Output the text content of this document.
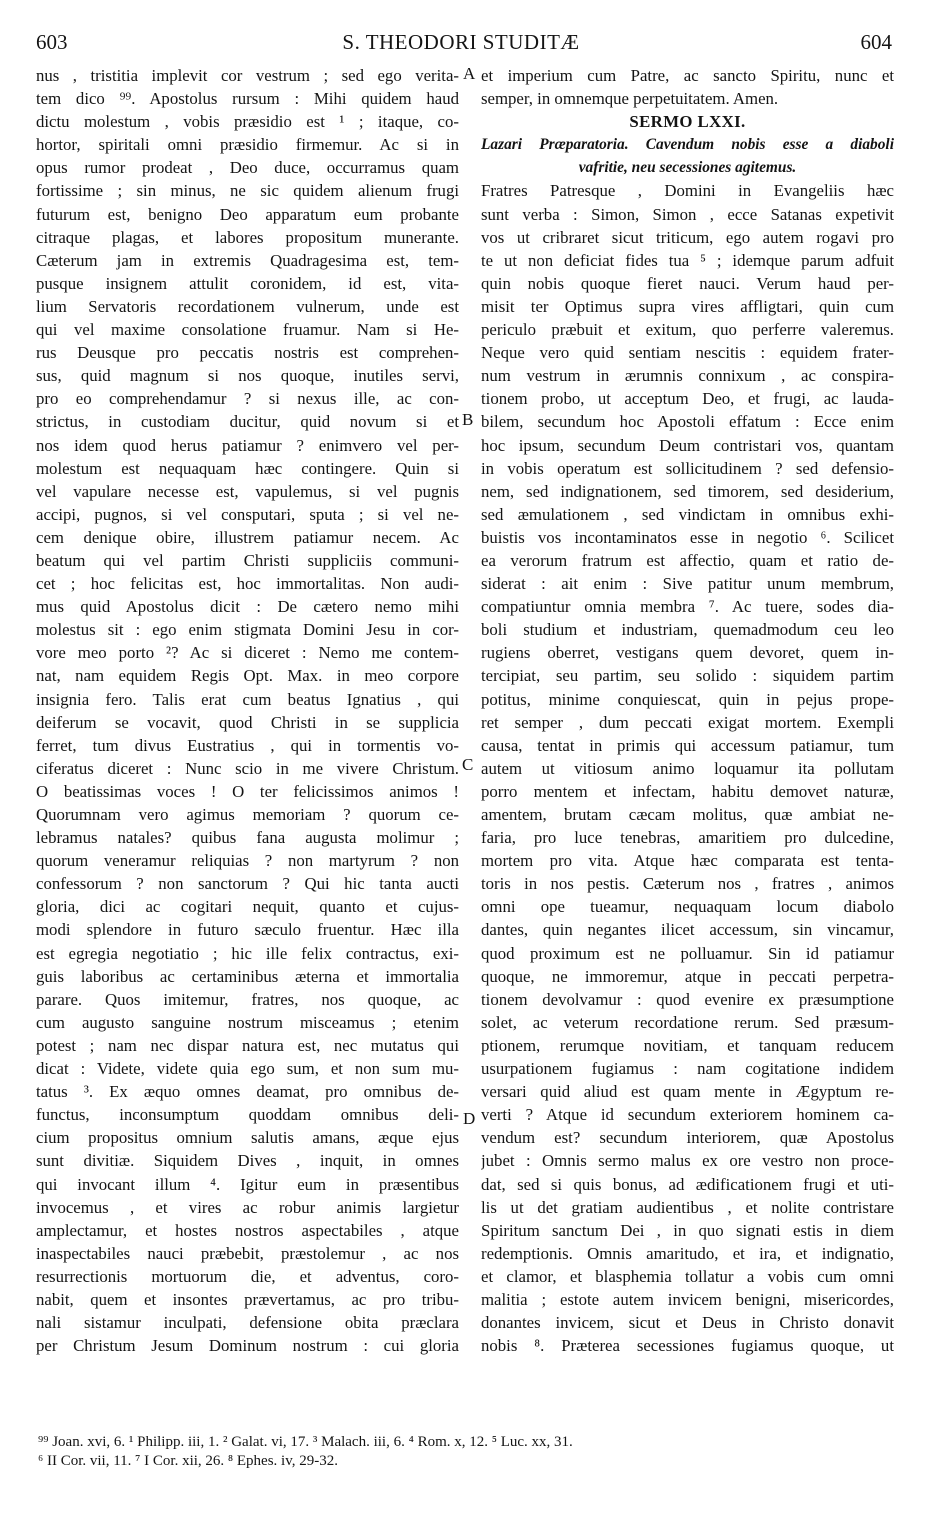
603	S. THEODORI STUDITÆ	604
A
B
C
D
nus , tristitia implevit cor vestrum ; sed ego verita-
tem dico ⁹⁹. Apostolus rursum : Mihi quidem haud
dictu molestum , vobis præsidio est ¹ ; itaque, co-
hortor, spiritali omni præsidio firmemur. Ac si in
opus rumor prodeat , Deo duce, occurramus quam
fortissime ; sin minus, ne sic quidem alienum frugi
futurum est, benigno Deo apparatum eum probante
citraque plagas, et labores propositum munerante.
Cæterum jam in extremis Quadragesima est, tem-
pusque insignem attulit coronidem, id est, vita-
lium Servatoris recordationem vulnerum, unde est
qui vel maxime consolatione fruamur. Nam si He-
rus Deusque pro peccatis nostris est comprehen-
sus, quid magnum si nos quoque, inutiles servi,
pro eo comprehendamur ? si nexus ille, ac con-
strictus, in custodiam ducitur, quid novum si et
nos idem quod herus patiamur ? enimvero vel per-
molestum est nequaquam hæc contingere. Quin si
vel vapulare necesse est, vapulemus, si vel pugnis
accipi, pugnos, si vel consputari, sputa ; si vel ne-
cem denique obire, illustrem patiamur necem. Ac
beatum qui vel partim Christi suppliciis communi-
cet ; hoc felicitas est, hoc immortalitas. Non audi-
mus quid Apostolus dicit : De cætero nemo mihi
molestus sit : ego enim stigmata Domini Jesu in cor-
vore meo porto ²? Ac si diceret : Nemo me contem-
nat, nam equidem Regis Opt. Max. in meo corpore
insignia fero. Talis erat cum beatus Ignatius , qui
deiferum se vocavit, quod Christi in se supplicia
ferret, tum divus Eustratius , qui in tormentis vo-
ciferatus diceret : Nunc scio in me vivere Christum.
O beatissimas voces ! O ter felicissimos animos !
Quorumnam vero agimus memoriam ? quorum ce-
lebramus natales? quibus fana augusta molimur ;
quorum veneramur reliquias ? non martyrum ? non
confessorum ? non sanctorum ? Qui hic tanta aucti
gloria, dici ac cogitari nequit, quanto et cujus-
modi splendore in futuro sæculo fruentur. Hæc illa
est egregia negotiatio ; hic ille felix contractus, exi-
guis laboribus ac certaminibus æterna et immortalia
parare. Quos imitemur, fratres, nos quoque, ac
cum augusto sanguine nostrum misceamus ; etenim
potest ; nam nec dispar natura est, nec mutatus qui
dicat : Videte, videte quia ego sum, et non sum mu-
tatus ³. Ex æquo omnes deamat, pro omnibus de-
functus, inconsumptum quoddam omnibus deli-
cium propositus omnium salutis amans, æque ejus
sunt divitiæ. Siquidem Dives , inquit, in omnes
qui invocant illum ⁴. Igitur eum in præsentibus
invocemus , et vires ac robur animis largietur
amplectamur, et hostes nostros aspectabiles , atque
inaspectabiles nauci præbebit, præstolemur , ac nos
resurrectionis mortuorum die, et adventus, coro-
nabit, quem et insontes prævertamus, ac pro tribu-
nali sistamur inculpati, defensione obita præclara
per Christum Jesum Dominum nostrum : cui gloria
et imperium cum Patre, ac sancto Spiritu, nunc et
semper, in omnemque perpetuitatem. Amen.
SERMO LXXI.
Lazari Præparatoria. Cavendum nobis esse a diaboli
vafritie, neu secessiones agitemus.
Fratres Patresque , Domini in Evangeliis hæc
sunt verba : Simon, Simon , ecce Satanas expetivit
vos ut cribraret sicut triticum, ego autem rogavi pro
te ut non deficiat fides tua ⁵ ; idemque parum adfuit
quin nobis quoque fieret nauci. Verum haud per-
misit ter Optimus supra vires affligtari, quin cum
periculo præbuit et exitum, quo perferre valeremus.
Neque vero quid sentiam nescitis : equidem frater-
num vestrum in ærumnis connixum , ac conspira-
tionem probo, ut acceptum Deo, et frugi, ac lauda-
bilem, secundum hoc Apostoli effatum : Ecce enim
hoc ipsum, secundum Deum contristari vos, quantam
in vobis operatum est sollicitudinem ? sed defensio-
nem, sed indignationem, sed timorem, sed desiderium,
sed æmulationem , sed vindictam in omnibus exhi-
buistis vos incontaminatos esse in negotio ⁶. Scilicet
ea verorum fratrum est affectio, quam et ratio de-
siderat : ait enim : Sive patitur unum membrum,
compatiuntur omnia membra ⁷. Ac tuere, sodes dia-
boli studium et industriam, quemadmodum ceu leo
rugiens oberret, vestigans quem devoret, quem in-
tercipiat, seu partim, seu solido : siquidem partim
potitus, minime conquiescat, quin in pejus prope-
ret semper , dum peccati exigat mortem. Exempli
causa, tentat in primis qui accessum patiamur, tum
autem ut vitiosum animo loquamur ita pollutam
porro mentem et infectam, habitu demovet naturæ,
amentem, brutam cæcam molitus, quæ ambiat ne-
faria, pro luce tenebras, amaritiem pro dulcedine,
mortem pro vita. Atque hæc comparata est tenta-
toris in nos pestis. Cæterum nos , fratres , animos
omni ope tueamur, nequaquam locum diabolo
dantes, quin negantes ilicet accessum, sin vincamur,
quod proximum est ne polluamur. Sin id patiamur
quoque, ne immoremur, atque in peccati perpetra-
tionem devolvamur : quod evenire ex præsumptione
solet, ac veterum recordatione rerum. Sed præsum-
ptionem, rerumque novitiam, et tanquam reducem
usurpationem fugiamus : nam cogitatione indidem
versari quid aliud est quam mente in Ægyptum re-
verti ? Atque id secundum exteriorem hominem ca-
vendum est? secundum interiorem, quæ Apostolus
jubet : Omnis sermo malus ex ore vestro non proce-
dat, sed si quis bonus, ad ædificationem frugi et uti-
lis ut det gratiam audientibus , et nolite contristare
Spiritum sanctum Dei , in quo signati estis in diem
redemptionis. Omnis amaritudo, et ira, et indignatio,
et clamor, et blasphemia tollatur a vobis cum omni
malitia ; estote autem invicem benigni, misericordes,
donantes invicem, sicut et Deus in Christo donavit
nobis ⁸. Præterea secessiones fugiamus quoque, ut
⁹⁹ Joan. xvi, 6. ¹ Philipp. iii, 1. ² Galat. vi, 17. ³ Malach. iii, 6. ⁴ Rom. x, 12. ⁵ Luc. xx, 31.
⁶ II Cor. vii, 11. ⁷ I Cor. xii, 26. ⁸ Ephes. iv, 29-32.
